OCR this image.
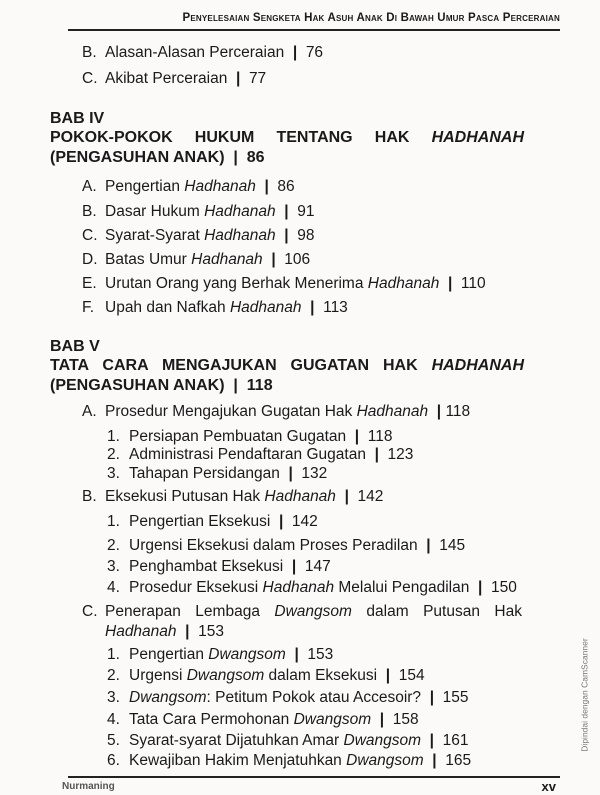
Penyelesaian Sengketa Hak Asuh Anak Di Bawah Umur Pasca Perceraian
B. Alasan-Alasan Perceraian | 76
C. Akibat Perceraian | 77
BAB IV
POKOK-POKOK HUKUM TENTANG HAK HADHANAH
(PENGASUHAN ANAK)  |  86
A. Pengertian Hadhanah | 86
B. Dasar Hukum Hadhanah | 91
C. Syarat-Syarat Hadhanah | 98
D. Batas Umur Hadhanah | 106
E. Urutan Orang yang Berhak Menerima Hadhanah | 110
F. Upah dan Nafkah Hadhanah | 113
BAB V
TATA CARA MENGAJUKAN GUGATAN HAK HADHANAH
(PENGASUHAN ANAK)  |  118
A. Prosedur Mengajukan Gugatan Hak Hadhanah | 118
1. Persiapan Pembuatan Gugatan | 118
2. Administrasi Pendaftaran Gugatan | 123
3. Tahapan Persidangan | 132
B. Eksekusi Putusan Hak Hadhanah | 142
1. Pengertian Eksekusi | 142
2. Urgensi Eksekusi dalam Proses Peradilan | 145
3. Penghambat Eksekusi | 147
4. Prosedur Eksekusi Hadhanah Melalui Pengadilan | 150
C. Penerapan Lembaga Dwangsom dalam Putusan Hak
Hadhanah | 153
1. Pengertian Dwangsom | 153
2. Urgensi Dwangsom dalam Eksekusi | 154
3. Dwangsom: Petitum Pokok atau Accesoir? | 155
4. Tata Cara Permohonan Dwangsom | 158
5. Syarat-syarat Dijatuhkan Amar Dwangsom | 161
6. Kewajiban Hakim Menjatuhkan Dwangsom | 165
Dipindai dengan CamScanner
Nurmaning	xv
